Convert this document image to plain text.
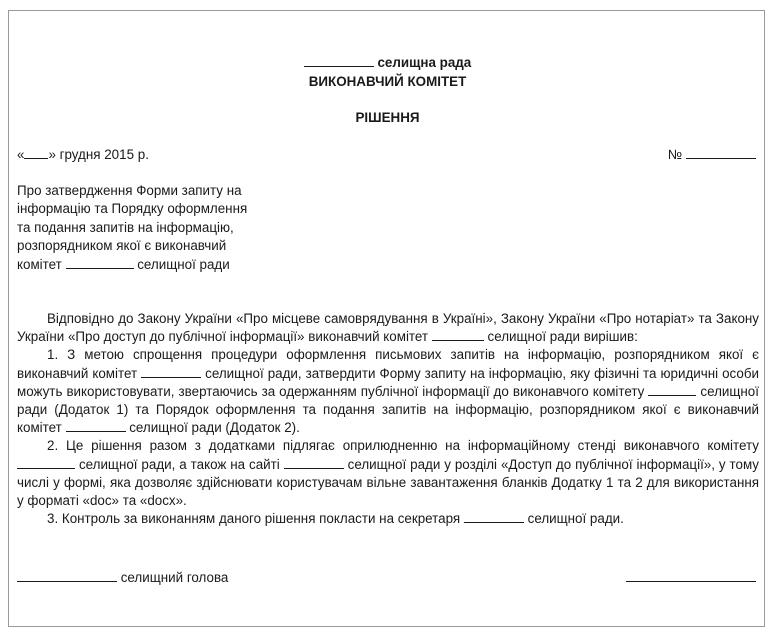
селищна рада
ВИКОНАВЧИЙ КОМІТЕТ
РІШЕННЯ
« » грудня 2015 р.	№
Про затвердження Форми запиту на
інформацію та Порядку оформлення
та подання запитів на інформацію,
розпорядником якої є виконавчий
комітет	селищної ради

Відповідно до Закону України «Про місцеве самоврядування в Україні», Закону України «Про нотаріат» та Закону України «Про доступ до публічної інформації» виконавчий комітет	селищної ради вирішив:

1. З метою спрощення процедури оформлення письмових запитів на інформацію, розпорядником якої є виконавчий комітет	селищної ради, затвердити Форму запиту на інформацію, яку фізичні та юридичні особи можуть використовувати, звертаючись за одержанням публічної інформації до виконавчого комітету	селищної ради (Додаток 1) та Порядок оформлення та подання запитів на інформацію, розпорядником якої є виконавчий комітет	селищної ради (Додаток 2).

2. Це рішення разом з додатками підлягає оприлюдненню на інформаційному стенді виконавчого комітету  селищної ради, а також на сайті	селищної ради у розділі «Доступ до публічної інформації», у тому числі у формі, яка дозволяє здійснювати користувачам вільне завантаження бланків Додатку 1 та 2 для використання у форматі «doc» та «docx».

3. Контроль за виконанням даного рішення покласти на секретаря	селищної ради.

селищний голова
